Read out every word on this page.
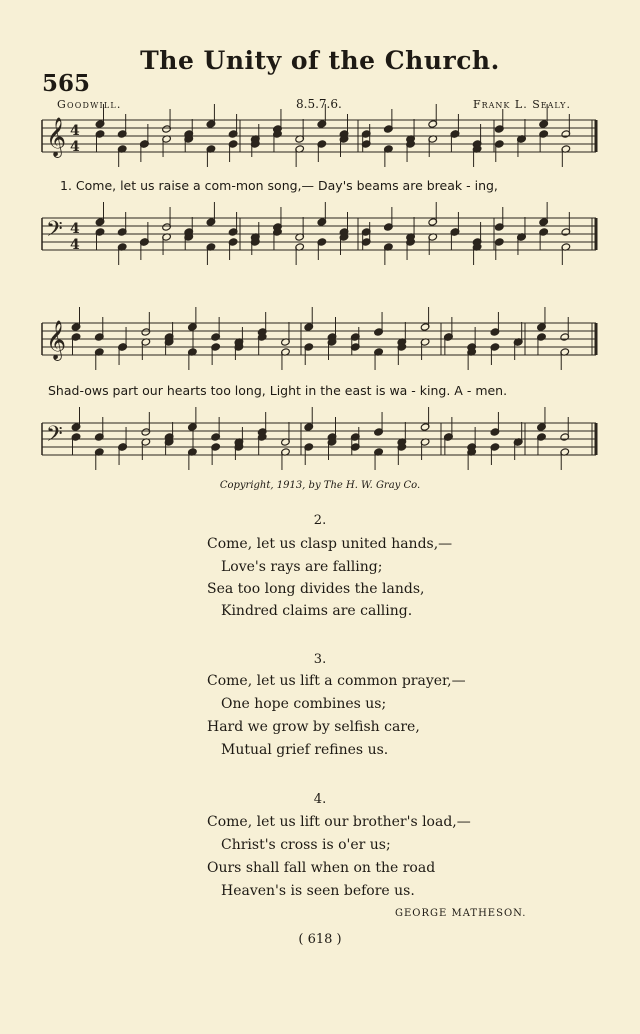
The Unity of the Church.
565
Goodwill.	8.5.7.6.	Frank L. Sealy.
𝄞 4
4
𝄢 4
4
𝄞
𝄢
1. Come, let us raise a com-mon song,— Day's beams are break - ing,
Shad-ows part our hearts too long, Light in the east is wa - king. A - men.
Copyright, 1913, by The H. W. Gray Co.
2.
Come, let us clasp united hands,—
Love's rays are falling;
Sea too long divides the lands,
Kindred claims are calling.
3.
Come, let us lift a common prayer,—
One hope combines us;
Hard we grow by selfish care,
Mutual grief refines us.
4.
Come, let us lift our brother's load,—
Christ's cross is o'er us;
Ours shall fall when on the road
Heaven's is seen before us.
GEORGE MATHESON.
( 618 )
